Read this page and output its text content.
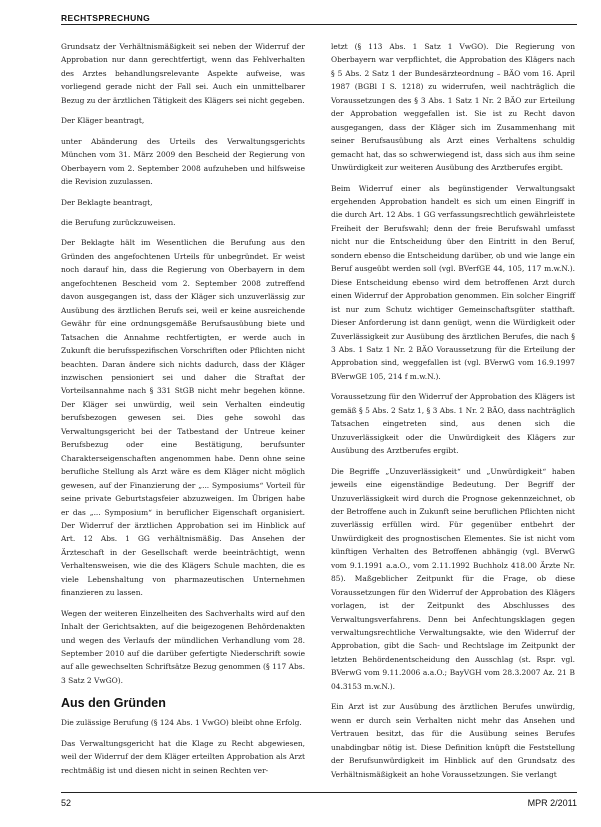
RECHTSPRECHUNG

Grundsatz der Verhältnismäßigkeit sei neben der Widerruf der Approbation nur dann gerechtfertigt, wenn das Fehlverhalten des Arztes behandlungsrelevante Aspekte aufweise, was vorliegend gerade nicht der Fall sei. Auch ein unmittelbarer Bezug zu der ärztlichen Tätigkeit des Klägers sei nicht gegeben.

Der Kläger beantragt,

unter Abänderung des Urteils des Verwaltungsgerichts München vom 31. März 2009 den Bescheid der Regierung von Oberbayern vom 2. September 2008 aufzuheben und hilfsweise die Revision zuzulassen.

Der Beklagte beantragt,

die Berufung zurückzuweisen.

Der Beklagte hält im Wesentlichen die Berufung aus den Gründen des angefochtenen Urteils für unbegründet. Er weist noch darauf hin, dass die Regierung von Oberbayern in dem angefochtenen Bescheid vom 2. September 2008 zutreffend davon ausgegangen ist, dass der Kläger sich unzuverlässig zur Ausübung des ärztlichen Berufs sei, weil er keine ausreichende Gewähr für eine ordnungsgemäße Berufsausübung biete und Tatsachen die Annahme rechtfertigten, er werde auch in Zukunft die berufsspezifischen Vorschriften oder Pflichten nicht beachten. Daran ändere sich nichts dadurch, dass der Kläger inzwischen pensioniert sei und daher die Straftat der Vorteilsannahme nach § 331 StGB nicht mehr begehen könne. Der Kläger sei unwürdig, weil sein Verhalten eindeutig berufsbezogen gewesen sei. Dies gehe sowohl das Verwaltungsgericht bei der Tatbestand der Untreue keiner Berufsbezug oder eine Bestätigung, berufsunter Charakterseigenschaften angenommen habe. Denn ohne seine berufliche Stellung als Arzt wäre es dem Kläger nicht möglich gewesen, auf der Finanzierung der „... Symposiums“ Vorteil für seine private Geburtstagsfeier abzuzweigen. Im Übrigen habe er das „... Symposium“ in beruflicher Eigenschaft organisiert. Der Widerruf der ärztlichen Approbation sei im Hinblick auf Art. 12 Abs. 1 GG verhältnismäßig. Das Ansehen der Ärzteschaft in der Gesellschaft werde beeinträchtigt, wenn Verhaltensweisen, wie die des Klägers Schule machten, die es viele Lebenshaltung von pharmazeutischen Unternehmen finanzieren zu lassen.

Wegen der weiteren Einzelheiten des Sachverhalts wird auf den Inhalt der Gerichtsakten, auf die beigezogenen Behördenakten und wegen des Verlaufs der mündlichen Verhandlung vom 28. September 2010 auf die darüber gefertigte Niederschrift sowie auf alle gewechselten Schriftsätze Bezug genommen (§ 117 Abs. 3 Satz 2 VwGO).

Aus den Gründen

Die zulässige Berufung (§ 124 Abs. 1 VwGO) bleibt ohne Erfolg.

Das Verwaltungsgericht hat die Klage zu Recht abgewiesen, weil der Widerruf der dem Kläger erteilten Approbation als Arzt rechtmäßig ist und diesen nicht in seinen Rechten ver-

letzt (§ 113 Abs. 1 Satz 1 VwGO). Die Regierung von Oberbayern war verpflichtet, die Approbation des Klägers nach § 5 Abs. 2 Satz 1 der Bundesärzteordnung – BÄO vom 16. April 1987 (BGBl I S. 1218) zu widerrufen, weil nachträglich die Voraussetzungen des § 3 Abs. 1 Satz 1 Nr. 2 BÄO zur Erteilung der Approbation weggefallen ist. Sie ist zu Recht davon ausgegangen, dass der Kläger sich im Zusammenhang mit seiner Berufsausübung als Arzt eines Verhaltens schuldig gemacht hat, das so schwerwiegend ist, dass sich aus ihm seine Unwürdigkeit zur weiteren Ausübung des Arztberufes ergibt.

Beim Widerruf einer als begünstigender Verwaltungsakt ergehenden Approbation handelt es sich um einen Eingriff in die durch Art. 12 Abs. 1 GG verfassungsrechtlich gewährleistete Freiheit der Berufswahl; denn der freie Berufswahl umfasst nicht nur die Entscheidung über den Eintritt in den Beruf, sondern ebenso die Entscheidung darüber, ob und wie lange ein Beruf ausgeübt werden soll (vgl. BVerfGE 44, 105, 117 m.w.N.). Diese Entscheidung ebenso wird dem betroffenen Arzt durch einen Widerruf der Approbation genommen. Ein solcher Eingriff ist nur zum Schutz wichtiger Gemeinschaftsgüter statthaft. Dieser Anforderung ist dann genügt, wenn die Würdigkeit oder Zuverlässigkeit zur Ausübung des ärztlichen Berufes, die nach § 3 Abs. 1 Satz 1 Nr. 2 BÄO Voraussetzung für die Erteilung der Approbation sind, weggefallen ist (vgl. BVerwG vom 16.9.1997 BVerwGE 105, 214 f m.w.N.).

Voraussetzung für den Widerruf der Approbation des Klägers ist gemäß § 5 Abs. 2 Satz 1, § 3 Abs. 1 Nr. 2 BÄO, dass nachträglich Tatsachen eingetreten sind, aus denen sich die Unzuverlässigkeit oder die Unwürdigkeit des Klägers zur Ausübung des Arztberufes ergibt.

Die Begriffe „Unzuverlässigkeit“ und „Unwürdigkeit“ haben jeweils eine eigenständige Bedeutung. Der Begriff der Unzuverlässigkeit wird durch die Prognose gekennzeichnet, ob der Betroffene auch in Zukunft seine beruflichen Pflichten nicht zuverlässig erfüllen wird. Für gegenüber entbehrt der Unwürdigkeit des prognostischen Elementes. Sie ist nicht vom künftigen Verhalten des Betroffenen abhängig (vgl. BVerwG vom 9.1.1991 a.a.O., vom 2.11.1992 Buchholz 418.00 Ärzte Nr. 85). Maßgeblicher Zeitpunkt für die Frage, ob diese Voraussetzungen für den Widerruf der Approbation des Klägers vorlagen, ist der Zeitpunkt des Abschlusses des Verwaltungsverfahrens. Denn bei Anfechtungsklagen gegen verwaltungsrechtliche Verwaltungsakte, wie den Widerruf der Approbation, gibt die Sach- und Rechtslage im Zeitpunkt der letzten Behördenentscheidung den Ausschlag (st. Rspr. vgl. BVerwG vom 9.11.2006 a.a.O.; BayVGH vom 28.3.2007 Az. 21 B 04.3153 m.w.N.).

Ein Arzt ist zur Ausübung des ärztlichen Berufes unwürdig, wenn er durch sein Verhalten nicht mehr das Ansehen und Vertrauen besitzt, das für die Ausübung seines Berufes unabdingbar nötig ist. Diese Definition knüpft die Feststellung der Berufsunwürdigkeit im Hinblick auf den Grundsatz des Verhältnismäßigkeit an hohe Voraussetzungen. Sie verlangt

52	MPR 2/2011
